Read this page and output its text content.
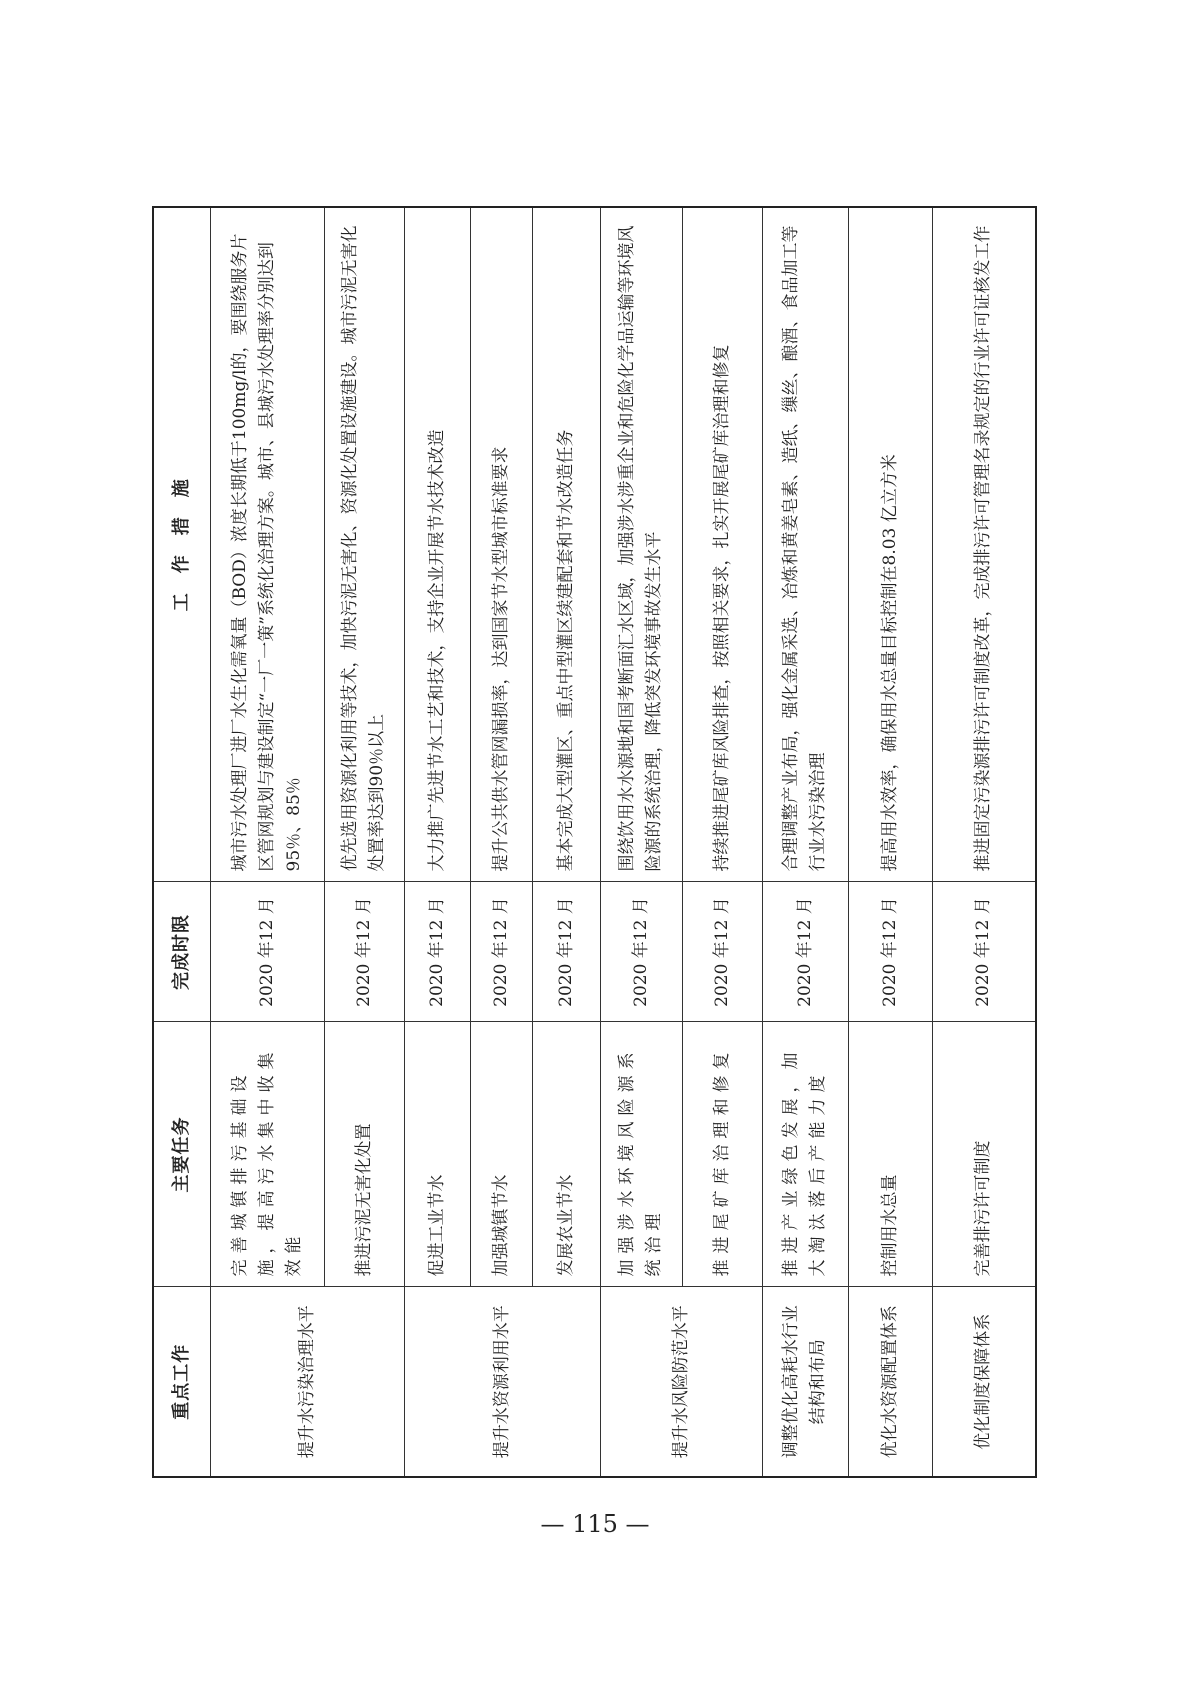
重点工作	主要任务	完成时限	工　作　措　施
提升水污染治理水平	完善城镇排污基础设施，提高污水集中收集效能	2020 年12 月	城市污水处理厂进厂水生化需氧量（BOD）浓度长期低于100mg/l的，要围绕服务片区管网规划与建设制定“一厂一策”系统化治理方案。城市、县城污水处理率分别达到95％、85％
	推进污泥无害化处置	2020 年12 月	优先选用资源化利用等技术，加快污泥无害化、资源化处置设施建设。城市污泥无害化处置率达到90％以上
提升水资源利用水平	促进工业节水	2020 年12 月	大力推广先进节水工艺和技术，支持企业开展节水技术改造
	加强城镇节水	2020 年12 月	提升公共供水管网漏损率，达到国家节水型城市标准要求
	发展农业节水	2020 年12 月	基本完成大型灌区、重点中型灌区续建配套和节水改造任务
提升水风险防范水平	加强涉水环境风险源系统治理	2020 年12 月	围绕饮用水水源地和国考断面汇水区域，加强涉水涉重企业和危险化学品运输等环境风险源的系统治理，降低突发环境事故发生水平
	推进尾矿库治理和修复	2020 年12 月	持续推进尾矿库风险排查，按照相关要求，扎实开展尾矿库治理和修复
调整优化高耗水行业结构和布局	推进产业绿色发展，加大淘汰落后产能力度	2020 年12 月	合理调整产业布局，强化金属采选、冶炼和黄姜皂素、造纸、缫丝、酿酒、食品加工等行业水污染治理
优化水资源配置体系	控制用水总量	2020 年12 月	提高用水效率，确保用水总量目标控制在8.03 亿立方米
优化制度保障体系	完善排污许可制度	2020 年12 月	推进固定污染源排污许可制度改革，完成排污许可管理名录规定的行业许可证核发工作
— 115 —
